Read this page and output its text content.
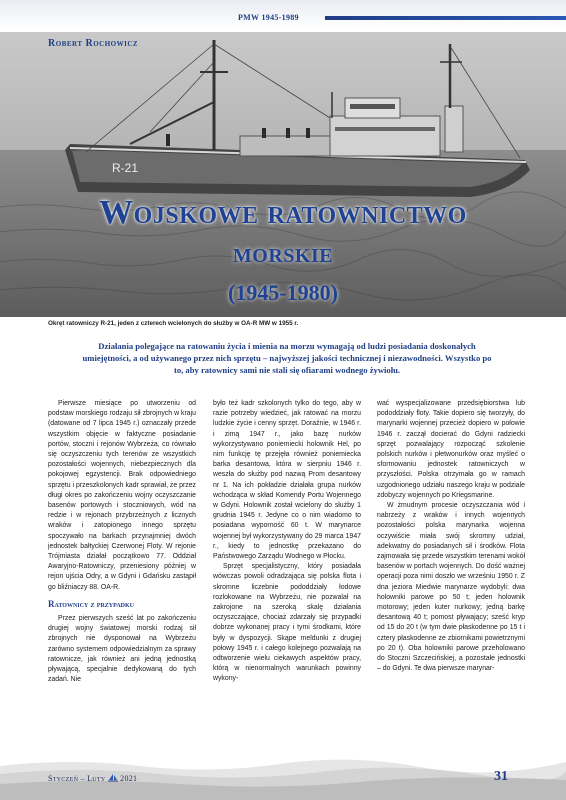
PMW 1945-1989
R-21
Robert Rochowicz
Wojskowe ratownictwo
morskie
(1945-1980)
Okręt ratowniczy R-21, jeden z czterech wcielonych do służby w OA-R MW w 1955 r.
Działania polegające na ratowaniu życia i mienia na morzu wymagają od ludzi posiadania doskonałych umiejętności, a od używanego przez nich sprzętu – najwyższej jakości technicznej i niezawodności. Wszystko po to, aby ratownicy sami nie stali się ofiarami wodnego żywiołu.

Pierwsze miesiące po utworzeniu od podstaw morskiego rodzaju sił zbrojnych w kraju (datowane od 7 lipca 1945 r.) oznaczały przede wszystkim objęcie w faktyczne posiadanie portów, stoczni i rejonów Wybrzeża, co równało się oczyszczeniu tych terenów ze wszystkich pozostałości wojennych, niebezpiecznych dla pokojowej egzystencji. Brak odpowiedniego sprzętu i przeszkolonych kadr sprawiał, że przez długi okres po zakończeniu wojny oczyszczanie basenów portowych i stoczniowych, wód na redzie i w rejonach przybrzeżnych z licznych wraków i zatopionego innego sprzętu spoczywało na barkach przynajmniej dwóch jednostek bałtyckiej Czerwonej Floty. W rejonie Trójmiasta działał początkowo 77. Oddział Awaryjno-Ratowniczy, przeniesiony później w rejon ujścia Odry, a w Gdyni i Gdańsku zastąpił go bliźniaczy 88. OA-R.

Ratownicy z przypadku

Przez pierwszych sześć lat po zakończeniu drugiej wojny światowej morski rodzaj sił zbrojnych nie dysponował na Wybrzeżu zarówno systemem odpowiedzialnym za sprawy ratownicze, jak również ani jedną jednostką pływającą, specjalnie dedykowaną do tych zadań. Nie

było też kadr szkolonych tylko do tego, aby w razie potrzeby wiedzieć, jak ratować na morzu ludzkie życie i cenny sprzęt. Doraźnie, w 1946 r. i zimą 1947 r., jako bazę nurków wykorzystywano poniemiecki holownik Hel, po nim funkcję tę przejęła również poniemiecka barka desantowa, która w sierpniu 1946 r. weszła do służby pod nazwą Prom desantowy nr 1. Na ich pokładzie działała grupa nurków wchodząca w skład Komendy Portu Wojennego w Gdyni. Holownik został wcielony do służby 1 grudnia 1945 r. Jedyne co o nim wiadomo to posiadana wyporność 60 t. W marynarce wojennej był wykorzystywany do 29 marca 1947 r., kiedy to jednostkę przekazano do Państwowego Zarządu Wodnego w Płocku.

Sprzęt specjalistyczny, który posiadała wówczas powoli odradzająca się polska flota i skromne liczebnie pododdziały łodowe rozlokowane na Wybrzeżu, nie pozwalał na zakrojone na szeroką skalę działania oczyszczające, chociaż zdarzały się przypadki dobrze wykonanej pracy i tymi środkami, które były w dyspozycji. Skąpe meldunki z drugiej połowy 1945 r. i całego kolejnego pozwalają na odtworzenie wielu ciekawych aspektów pracy, którą w nienormalnych warunkach powinny wykony-

wać wyspecjalizowane przedsiębiorstwa lub pododdziały floty. Takie dopiero się tworzyły, do marynarki wojennej przecież dopiero w połowie 1946 r. zaczął docierać do Gdyni radziecki sprzęt pozwalający rozpocząć szkolenie polskich nurków i płetwonurków oraz myśleć o sformowaniu jednostek ratowniczych w przyszłości. Polska otrzymała go w ramach uzgodnionego udziału naszego kraju w podziale zdobyczy wojennych po Kriegsmarine.

W żmudnym procesie oczyszczania wód i nabrzeży z wraków i innych wojennych pozostałości polska marynarka wojenna oczywiście miała swój skromny udział, adekwatny do posiadanych sił i środków. Flota zajmowała się przede wszystkim terenami wokół basenów w portach wojennych. Do dość ważnej operacji poza nimi doszło we wrześniu 1950 r. Z dna jeziora Miedwie marynarze wydobyli: dwa holowniki parowe po 50 t; jeden holownik motorowy; jeden kuter nurkowy; jedną barkę desantową 40 t; pomost pływający; sześć kryp od 15 do 20 t (w tym dwie płaskodenne po 15 t i cztery płaskodenne ze zbiornikami powietrznymi po 20 t). Oba holowniki parowe przeholowano do Stoczni Szczecińskiej, a pozostałe jednostki – do Gdyni. Te dwa pierwsze marynar-

Styczeń – Luty 2021	31
